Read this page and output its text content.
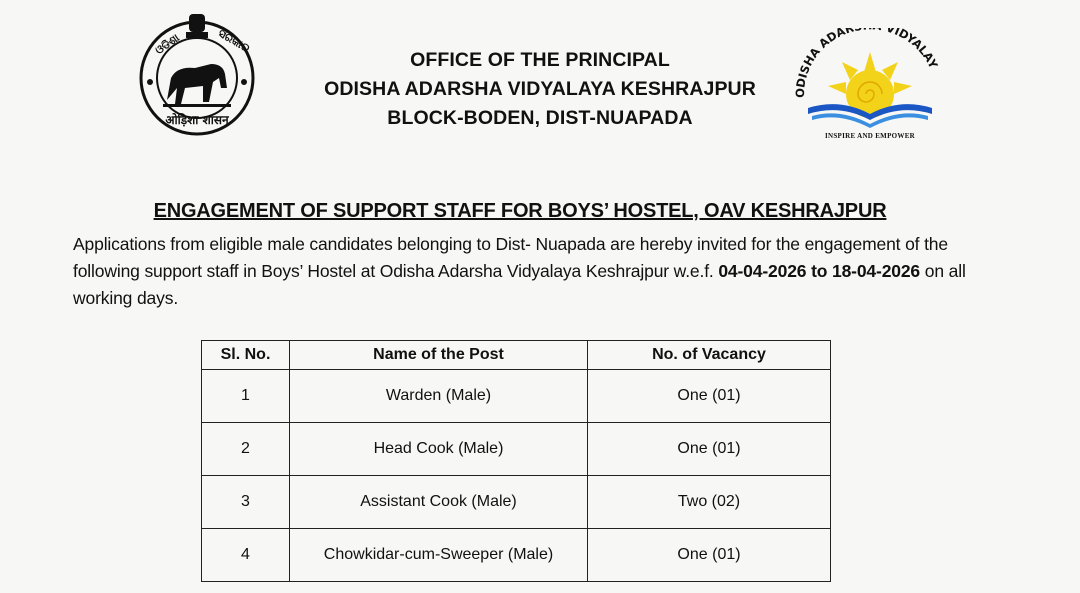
ଓଡ଼ିଶା	ସରକାର
ओड़िशा शासन
OFFICE OF THE PRINCIPAL
ODISHA ADARSHA VIDYALAYA KESHRAJPUR
BLOCK-BODEN, DIST-NUAPADA
ODISHA ADAR VIDYALAY
INSPIRE AND EMPOWER
ENGAGEMENT OF SUPPORT STAFF FOR BOYS’ HOSTEL, OAV KESHRAJPUR
Applications from eligible male candidates belonging to Dist- Nuapada are hereby invited for the engagement of the following support staff in Boys’ Hostel at Odisha Adarsha Vidyalaya Keshrajpur w.e.f. 04-04-2026 to 18-04-2026 on all working days.
Sl. No.	Name of the Post	No. of Vacancy
1	Warden (Male)	One (01)
2	Head Cook (Male)	One (01)
3	Assistant Cook (Male)	Two (02)
4	Chowkidar-cum-Sweeper (Male)	One (01)
